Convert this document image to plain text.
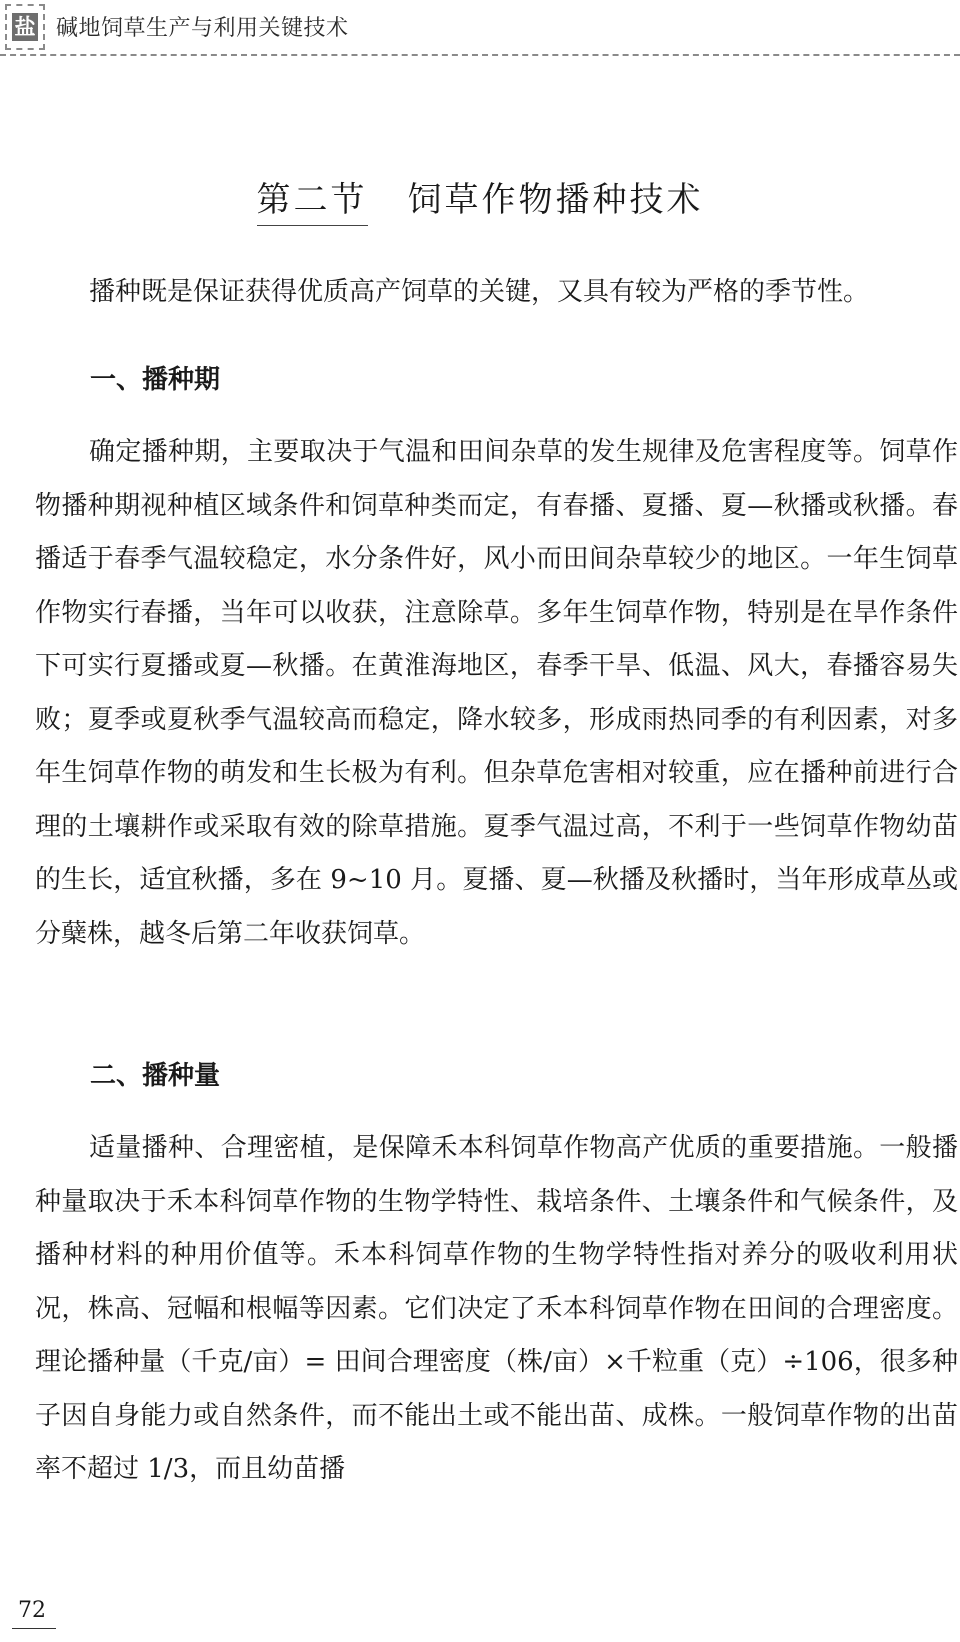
盐 碱地饲草生产与利用关键技术
第二节 饲草作物播种技术

播种既是保证获得优质高产饲草的关键，又具有较为严格的季节性。

一、播种期

确定播种期，主要取决于气温和田间杂草的发生规律及危害程度等。饲草作物播种期视种植区域条件和饲草种类而定，有春播、夏播、夏—秋播或秋播。春播适于春季气温较稳定，水分条件好，风小而田间杂草较少的地区。一年生饲草作物实行春播，当年可以收获，注意除草。多年生饲草作物，特别是在旱作条件下可实行夏播或夏—秋播。在黄淮海地区，春季干旱、低温、风大，春播容易失败；夏季或夏秋季气温较高而稳定，降水较多，形成雨热同季的有利因素，对多年生饲草作物的萌发和生长极为有利。但杂草危害相对较重，应在播种前进行合理的土壤耕作或采取有效的除草措施。夏季气温过高，不利于一些饲草作物幼苗的生长，适宜秋播，多在 9~10 月。夏播、夏—秋播及秋播时，当年形成草丛或分蘖株，越冬后第二年收获饲草。

二、播种量

适量播种、合理密植，是保障禾本科饲草作物高产优质的重要措施。一般播种量取决于禾本科饲草作物的生物学特性、栽培条件、土壤条件和气候条件，及播种材料的种用价值等。禾本科饲草作物的生物学特性指对养分的吸收利用状况，株高、冠幅和根幅等因素。它们决定了禾本科饲草作物在田间的合理密度。理论播种量（千克/亩）= 田间合理密度（株/亩）×千粒重（克）÷106，很多种子因自身能力或自然条件，而不能出土或不能出苗、成株。一般饲草作物的出苗率不超过 1/3，而且幼苗播

72
